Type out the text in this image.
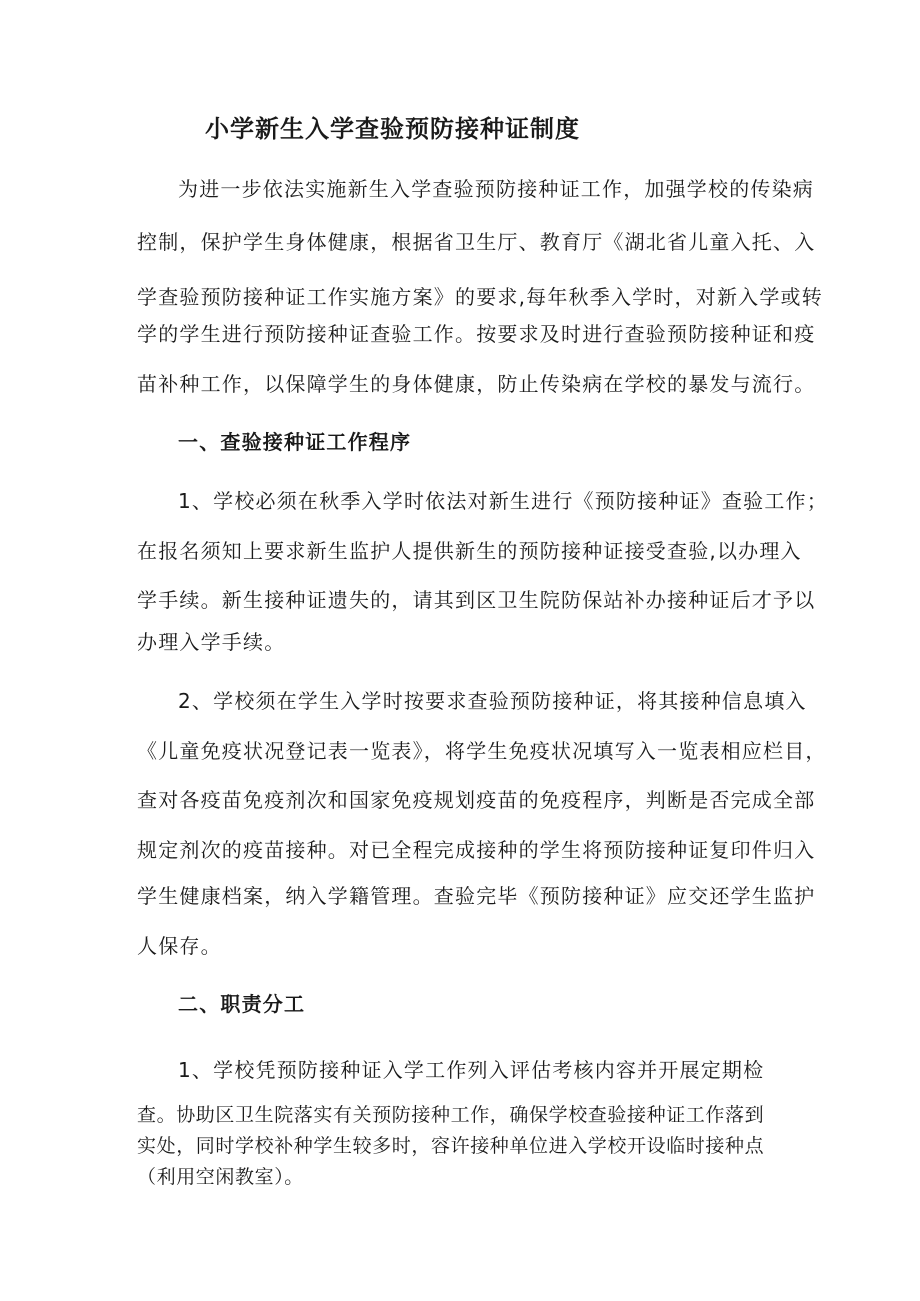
小学新生入学查验预防接种证制度

为进一步依法实施新生入学查验预防接种证工作，加强学校的传染病

控制，保护学生身体健康，根据省卫生厅、教育厅《湖北省儿童入托、入

学查验预防接种证工作实施方案》的要求,每年秋季入学时，对新入学或转

学的学生进行预防接种证查验工作。按要求及时进行查验预防接种证和疫

苗补种工作，以保障学生的身体健康，防止传染病在学校的暴发与流行。

一、查验接种证工作程序

1、学校必须在秋季入学时依法对新生进行《预防接种证》查验工作；

在报名须知上要求新生监护人提供新生的预防接种证接受查验,以办理入

学手续。新生接种证遗失的，请其到区卫生院防保站补办接种证后才予以

办理入学手续。

2、学校须在学生入学时按要求查验预防接种证，将其接种信息填入

《儿童免疫状况登记表一览表》，将学生免疫状况填写入一览表相应栏目，

查对各疫苗免疫剂次和国家免疫规划疫苗的免疫程序，判断是否完成全部

规定剂次的疫苗接种。对已全程完成接种的学生将预防接种证复印件归入

学生健康档案，纳入学籍管理。查验完毕《预防接种证》应交还学生监护

人保存。

二、职责分工

1、学校凭预防接种证入学工作列入评估考核内容并开展定期检

查。协助区卫生院落实有关预防接种工作，确保学校查验接种证工作落到

实处，同时学校补种学生较多时，容许接种单位进入学校开设临时接种点

（利用空闲教室）。
